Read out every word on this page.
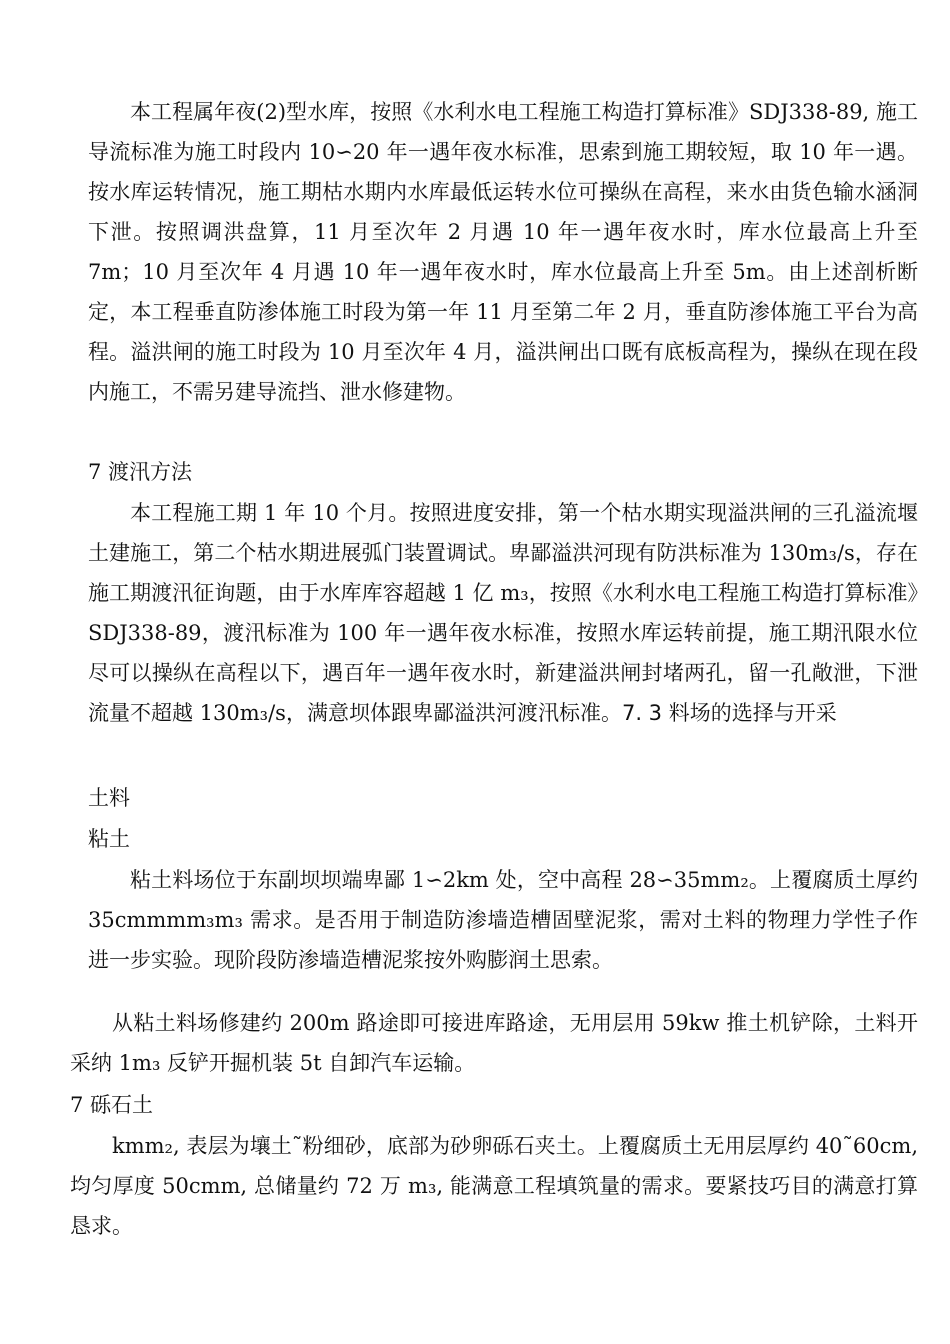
本工程属年夜(2)型水库，按照《水利水电工程施工构造打算标准》SDJ338-89, 施工导流标准为施工时段内 10∽20 年一遇年夜水标准，思索到施工期较短，取 10 年一遇。按水库运转情况，施工期枯水期内水库最低运转水位可操纵在高程，来水由货色输水涵洞下泄。按照调洪盘算，11 月至次年 2 月遇 10 年一遇年夜水时，库水位最高上升至 7m；10 月至次年 4 月遇 10 年一遇年夜水时，库水位最高上升至 5m。由上述剖析断定，本工程垂直防渗体施工时段为第一年 11 月至第二年 2 月，垂直防渗体施工平台为高程。溢洪闸的施工时段为 10 月至次年 4 月，溢洪闸出口既有底板高程为，操纵在现在段内施工，不需另建导流挡、泄水修建物。

7 渡汛方法

本工程施工期 1 年 10 个月。按照进度安排，第一个枯水期实现溢洪闸的三孔溢流堰土建施工，第二个枯水期进展弧门装置调试。卑鄙溢洪河现有防洪标准为 130m₃/s，存在施工期渡汛征询题，由于水库库容超越 1 亿 m₃，按照《水利水电工程施工构造打算标准》SDJ338-89，渡汛标准为 100 年一遇年夜水标准，按照水库运转前提，施工期汛限水位尽可以操纵在高程以下，遇百年一遇年夜水时，新建溢洪闸封堵两孔，留一孔敞泄，下泄流量不超越 130m₃/s，满意坝体跟卑鄙溢洪河渡汛标准。7. 3 料场的选择与开采

土料

粘土

粘土料场位于东副坝坝端卑鄙 1∽2km 处，空中高程 28∽35mm₂。上覆腐质土厚约 35cmmmm₃m₃ 需求。是否用于制造防渗墙造槽固壁泥浆，需对土料的物理力学性子作进一步实验。现阶段防渗墙造槽泥浆按外购膨润土思索。

从粘土料场修建约 200m 路途即可接进库路途，无用层用 59kw 推土机铲除，土料开采纳 1m₃ 反铲开掘机装 5t 自卸汽车运输。

7 砾石土

kmm₂, 表层为壤土˜粉细砂，底部为砂卵砾石夹土。上覆腐质土无用层厚约 40˜60cm, 均匀厚度 50cmm, 总储量约 72 万 m₃, 能满意工程填筑量的需求。要紧技巧目的满意打算恳求。
